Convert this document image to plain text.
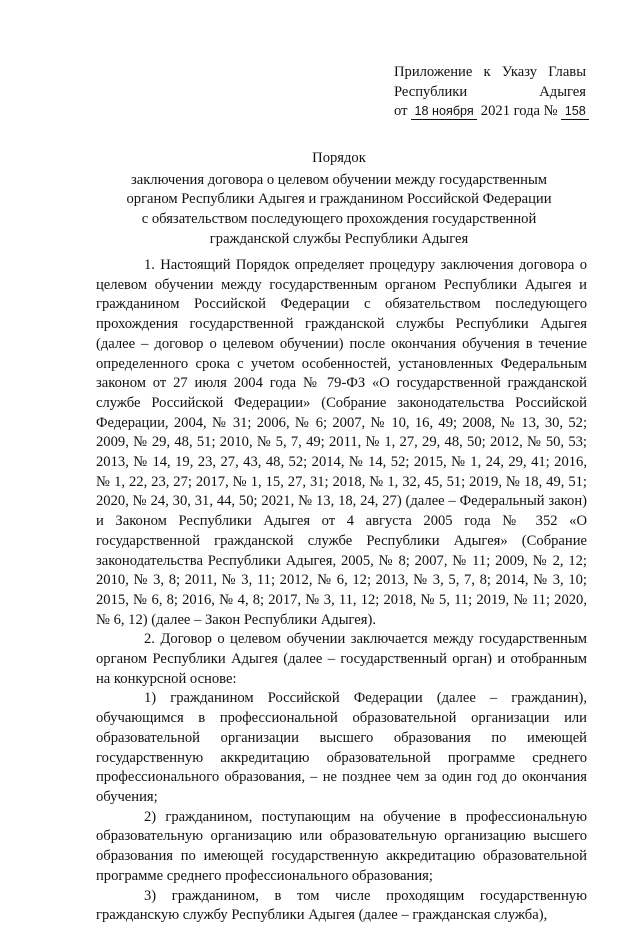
Приложение к Указу Главы
Республики Адыгея
от 18 ноября 2021 года № 158
Порядок
заключения договора о целевом обучении между государственным
органом Республики Адыгея и гражданином Российской Федерации
с обязательством последующего прохождения государственной
гражданской службы Республики Адыгея

1. Настоящий Порядок определяет процедуру заключения договора о целевом обучении между государственным органом Республики Адыгея и гражданином Российской Федерации с обязательством последующего прохождения государственной гражданской службы Республики Адыгея (далее – договор о целевом обучении) после окончания обучения в течение определенного срока с учетом особенностей, установленных Федеральным законом от 27 июля 2004 года № 79-ФЗ «О государственной гражданской службе Российской Федерации» (Собрание законодательства Российской Федерации, 2004, № 31; 2006, № 6; 2007, № 10, 16, 49; 2008, № 13, 30, 52; 2009, № 29, 48, 51; 2010, № 5, 7, 49; 2011, № 1, 27, 29, 48, 50; 2012, № 50, 53; 2013, № 14, 19, 23, 27, 43, 48, 52; 2014, № 14, 52; 2015, № 1, 24, 29, 41; 2016, № 1, 22, 23, 27; 2017, № 1, 15, 27, 31; 2018, № 1, 32, 45, 51; 2019, № 18, 49, 51; 2020, № 24, 30, 31, 44, 50; 2021, № 13, 18, 24, 27) (далее – Федеральный закон) и Законом Республики Адыгея от 4 августа 2005 года № 352 «О государственной гражданской службе Республики Адыгея» (Собрание законодательства Республики Адыгея, 2005, № 8; 2007, № 11; 2009, № 2, 12; 2010, № 3, 8; 2011, № 3, 11; 2012, № 6, 12; 2013, № 3, 5, 7, 8; 2014, № 3, 10; 2015, № 6, 8; 2016, № 4, 8; 2017, № 3, 11, 12; 2018, № 5, 11; 2019, № 11; 2020, № 6, 12) (далее – Закон Республики Адыгея).

2. Договор о целевом обучении заключается между государственным органом Республики Адыгея (далее – государственный орган) и отобранным на конкурсной основе:

1) гражданином Российской Федерации (далее – гражданин), обучающимся в профессиональной образовательной организации или образовательной организации высшего образования по имеющей государственную аккредитацию образовательной программе среднего профессионального образования, – не позднее чем за один год до окончания обучения;

2) гражданином, поступающим на обучение в профессиональную образовательную организацию или образовательную организацию высшего образования по имеющей государственную аккредитацию образовательной программе среднего профессионального образования;

3) гражданином, в том числе проходящим государственную гражданскую службу Республики Адыгея (далее – гражданская служба),
